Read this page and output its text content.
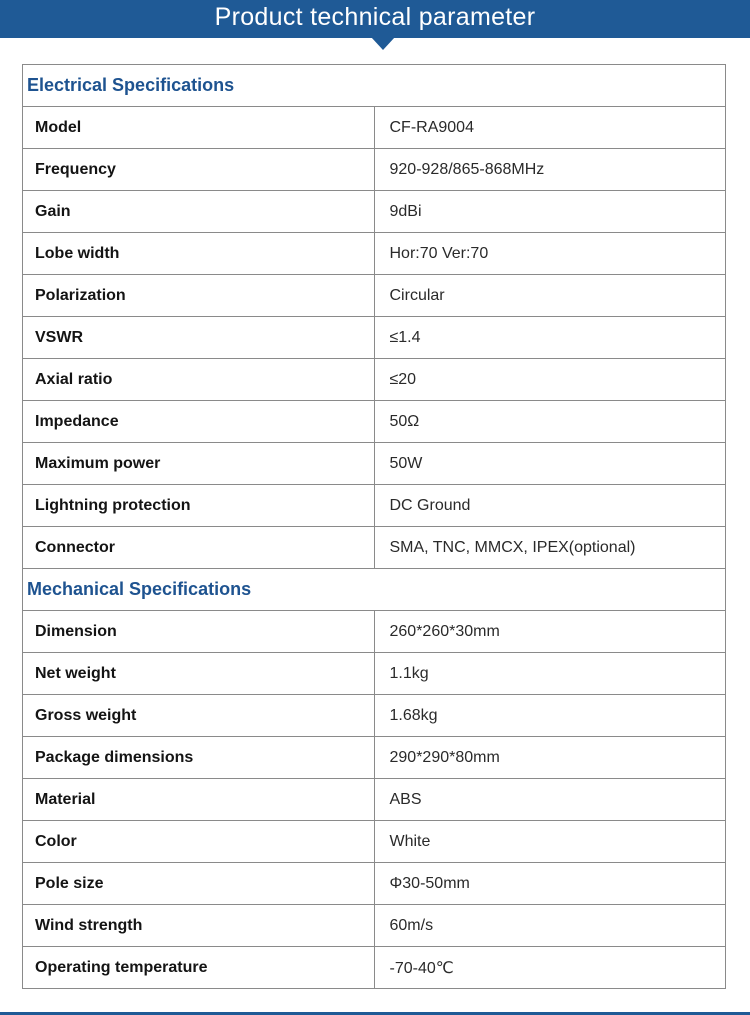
Product technical parameter
Electrical Specifications	
Model	CF-RA9004
Frequency	920-928/865-868MHz
Gain	9dBi
Lobe width	Hor:70 Ver:70
Polarization	Circular
VSWR	≤1.4
Axial ratio	≤20
Impedance	50Ω
Maximum power	50W
Lightning protection	DC Ground
Connector	SMA, TNC, MMCX, IPEX(optional)
Mechanical Specifications	
Dimension	260*260*30mm
Net weight	1.1kg
Gross weight	1.68kg
Package dimensions	290*290*80mm
Material	ABS
Color	White
Pole size	Φ30-50mm
Wind strength	60m/s
Operating temperature	-70-40℃
